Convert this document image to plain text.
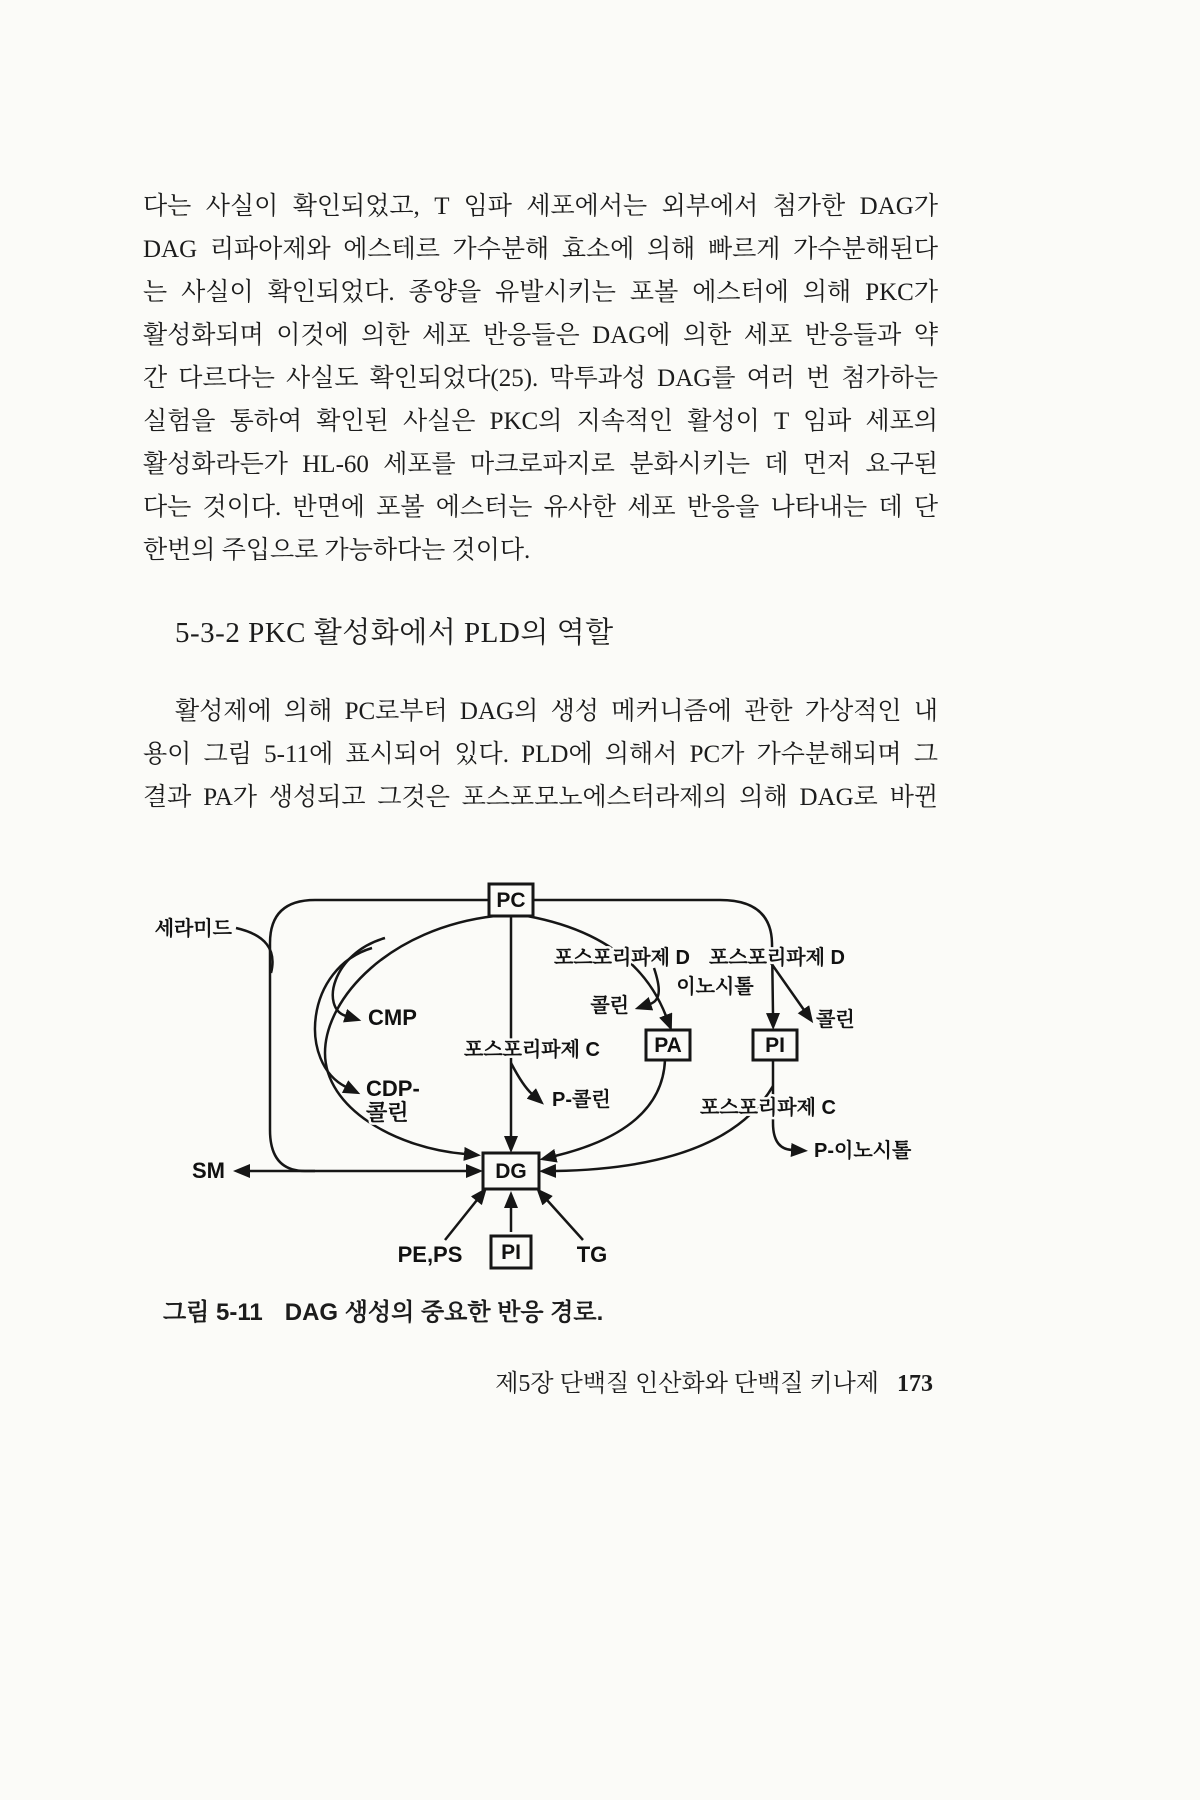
다는 사실이 확인되었고, T 임파 세포에서는 외부에서 첨가한 DAG가
DAG 리파아제와 에스테르 가수분해 효소에 의해 빠르게 가수분해된다
는 사실이 확인되었다. 종양을 유발시키는 포볼 에스터에 의해 PKC가
활성화되며 이것에 의한 세포 반응들은 DAG에 의한 세포 반응들과 약
간 다르다는 사실도 확인되었다(25). 막투과성 DAG를 여러 번 첨가하는
실험을 통하여 확인된 사실은 PKC의 지속적인 활성이 T 임파 세포의
활성화라든가 HL-60 세포를 마크로파지로 분화시키는 데 먼저 요구된
다는 것이다. 반면에 포볼 에스터는 유사한 세포 반응을 나타내는 데 단
한번의 주입으로 가능하다는 것이다.
5-3-2 PKC 활성화에서 PLD의 역할
활성제에 의해 PC로부터 DAG의 생성 메커니즘에 관한 가상적인 내
용이 그림 5-11에 표시되어 있다. PLD에 의해서 PC가 가수분해되며 그
결과 PA가 생성되고 그것은 포스포모노에스터라제의 의해 DAG로 바뀐
PC
PA	PI
DG
PI
세라미드
SM
CMP
CDP-
콜린
포스포리파제 D 포스포리파제 D
콜린
이노시톨
콜린
포스포리파제 C
P-콜린	포스포리파제 C
P-이노시톨
PE,PS	TG
그림 5-11 DAG 생성의 중요한 반응 경로.
제5장 단백질 인산화와 단백질 키나제 173
